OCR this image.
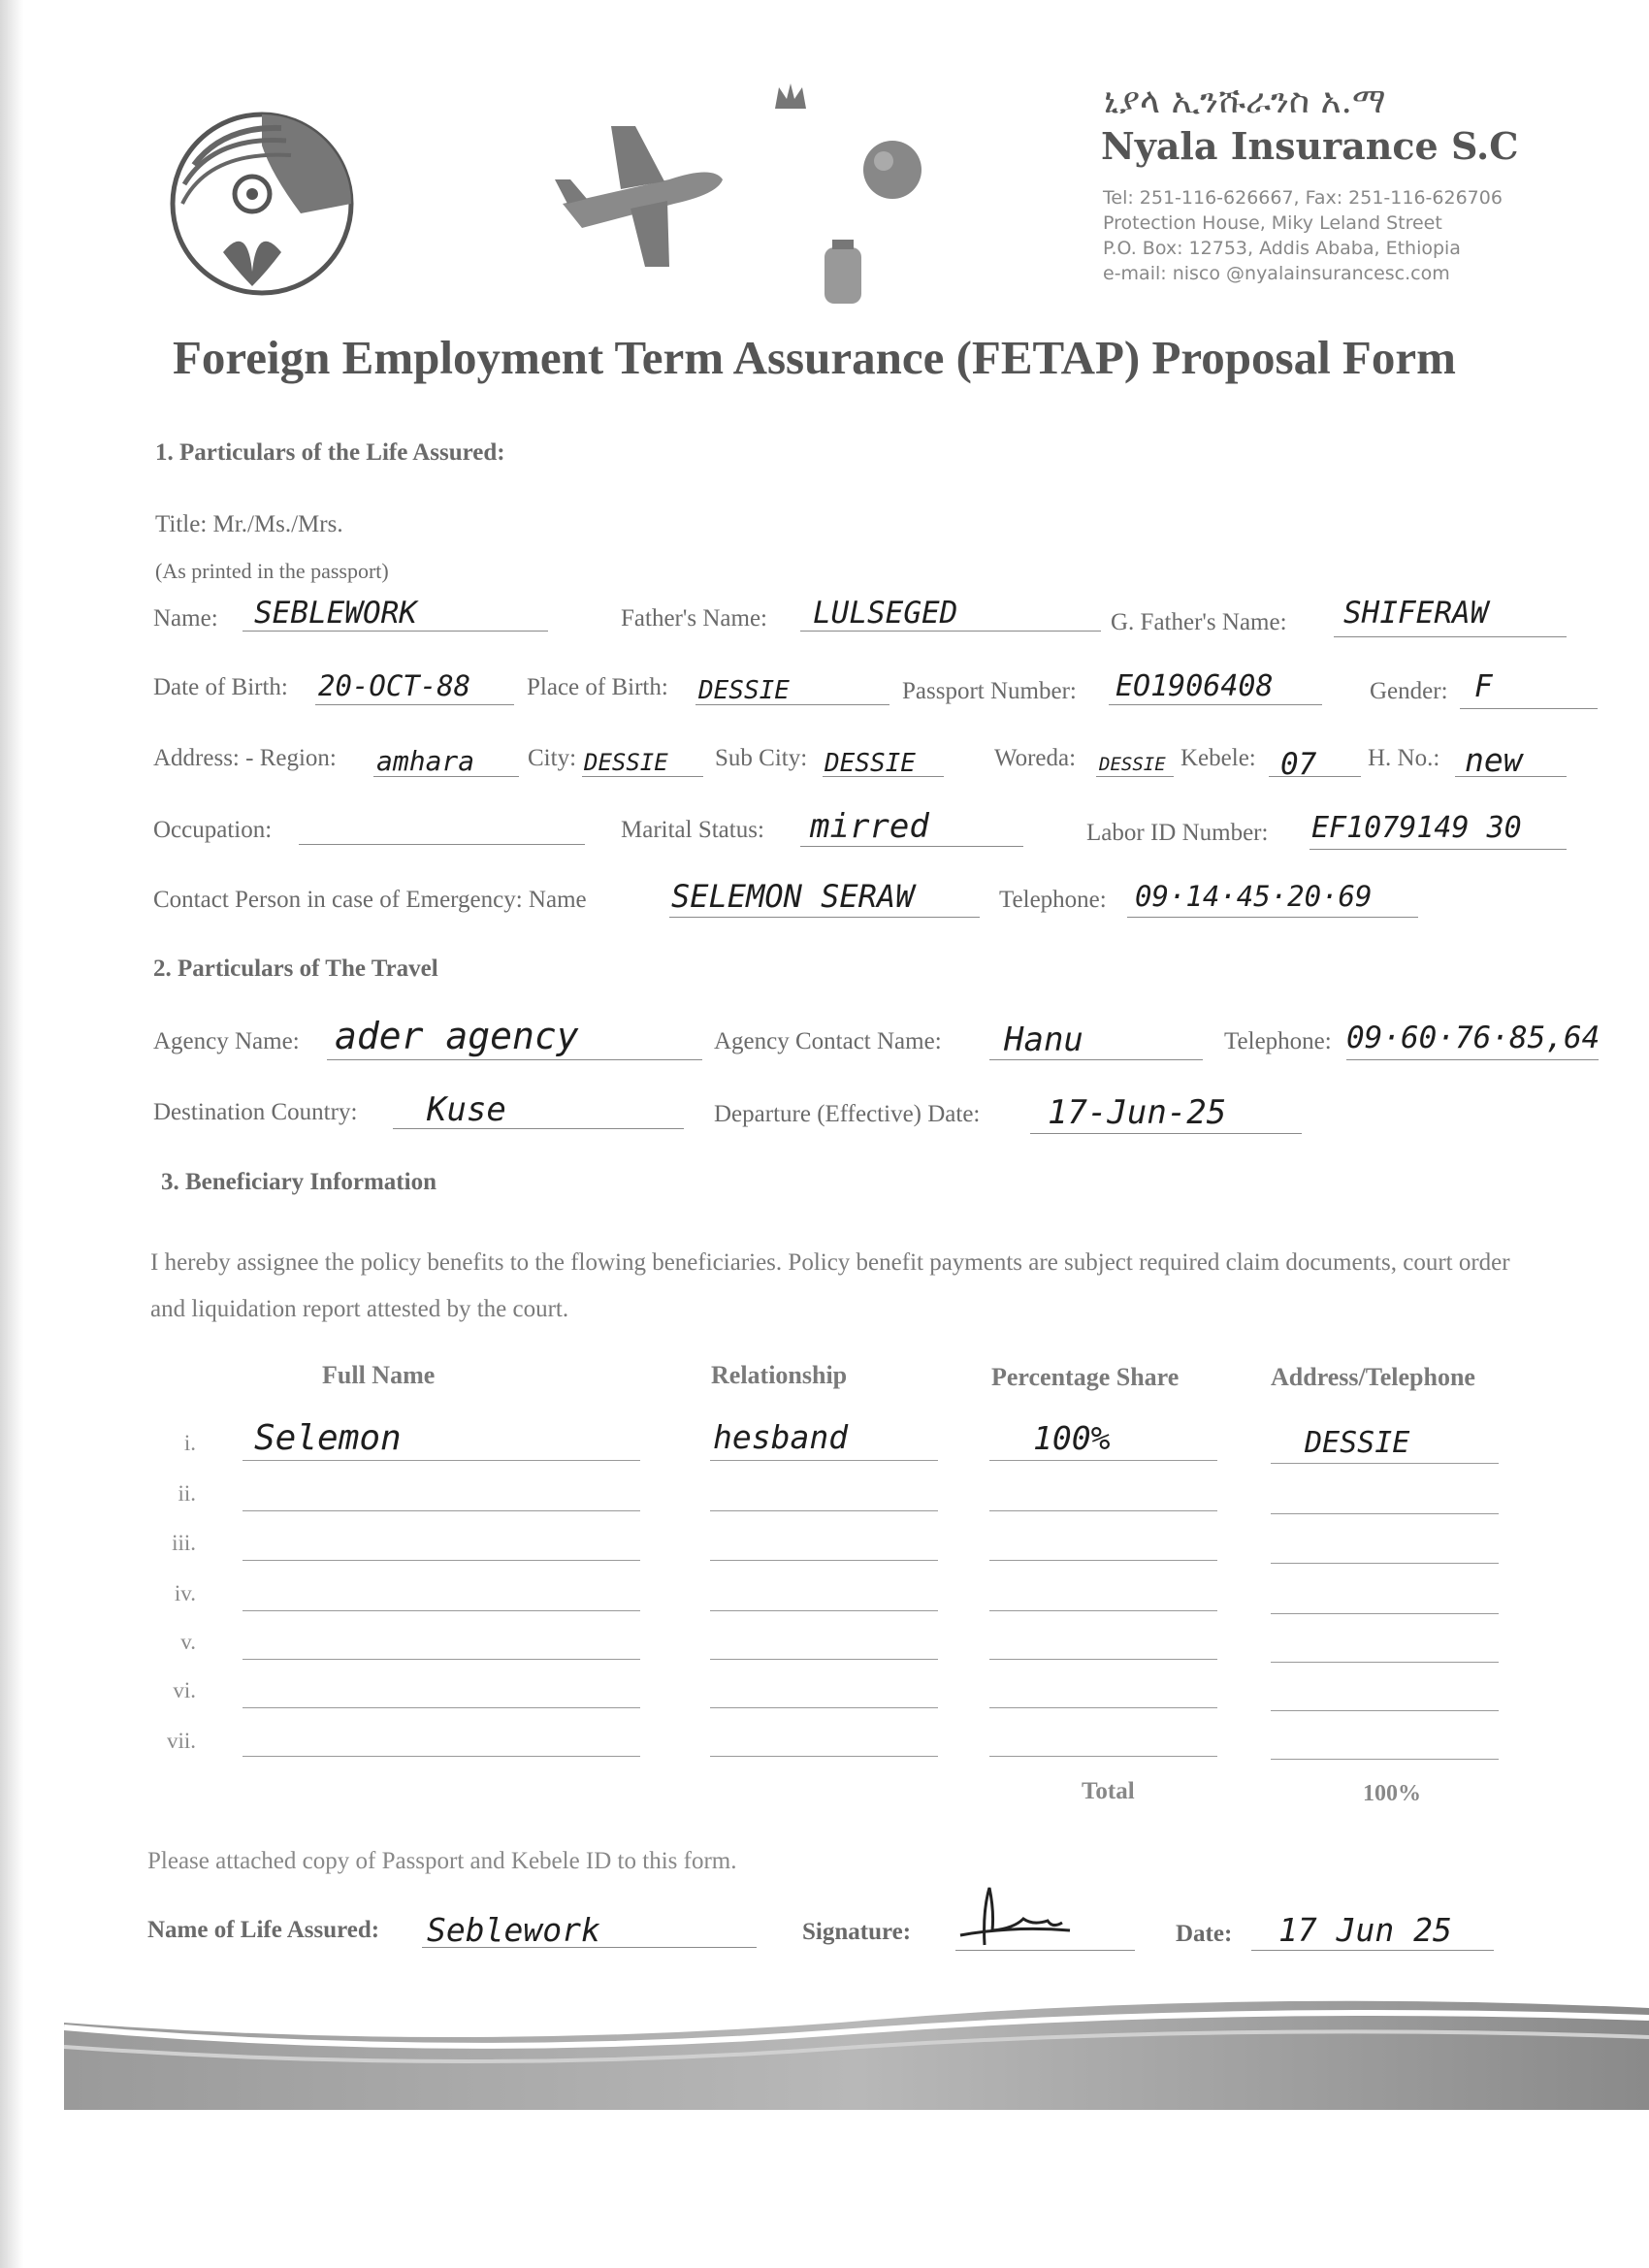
ኒያላ ኢንሹራንስ አ.ማ
Nyala Insurance S.C
Tel: 251-116-626667, Fax: 251-116-626706
Protection House, Miky Leland Street
P.O. Box: 12753, Addis Ababa, Ethiopia
e-mail: nisco @nyalainsurancesc.com
Foreign Employment Term Assurance (FETAP) Proposal Form
1. Particulars of the Life Assured:
Title: Mr./Ms./Mrs.
(As printed in the passport)
Name: SEBLEWORK	Father's Name: LULSEGED	G. Father's Name: SHIFERAW
Date of Birth: 20-OCT-88 Place of Birth: DESSIE	Passport Number: EO1906408	Gender: F
Address: - Region: amhara City: DESSIE Sub City: DESSIE	Woreda: DESSIE Kebele: 07 H. No.: new
Occupation:	Marital Status: mirred	Labor ID Number: EF1079149 30
Contact Person in case of Emergency: Name	SELEMON SERAW	Telephone: 09·14·45·20·69
2. Particulars of The Travel
Agency Name: ader agency	Agency Contact Name: Hanu	Telephone: 09·60·76·85,64
Destination Country: Kuse	Departure (Effective) Date: 17-Jun-25
3. Beneficiary Information
I hereby assignee the policy benefits to the flowing beneficiaries. Policy benefit payments are subject required claim documents, court order and liquidation report attested by the court.
Full Name	Relationship	Percentage Share	Address/Telephone
i. Selemon	hesband	100%	DESSIE
ii.
iii.
iv.
v.
vi.
vii.
Total	100%
Please attached copy of Passport and Kebele ID to this form.
Name of Life Assured: Seblework	Signature:	Date: 17 Jun 25
